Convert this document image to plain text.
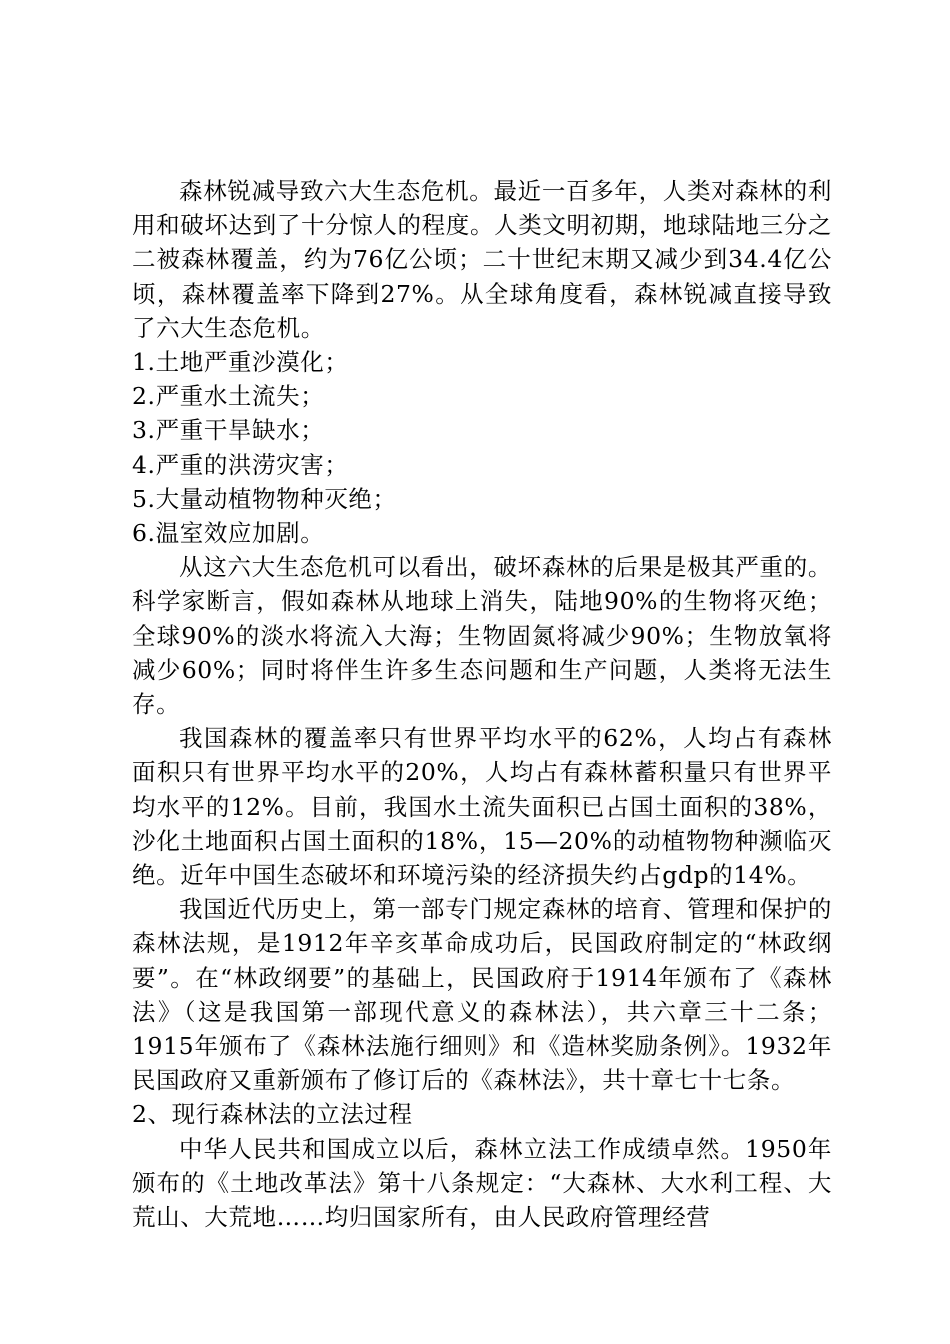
森林锐减导致六大生态危机。最近一百多年，人类对森林的利用和破坏达到了十分惊人的程度。人类文明初期，地球陆地三分之二被森林覆盖，约为76亿公顷；二十世纪末期又减少到34.4亿公顷，森林覆盖率下降到27%。从全球角度看，森林锐减直接导致了六大生态危机。

1.土地严重沙漠化；

2.严重水土流失；

3.严重干旱缺水；

4.严重的洪涝灾害；

5.大量动植物物种灭绝；

6.温室效应加剧。

从这六大生态危机可以看出，破坏森林的后果是极其严重的。科学家断言，假如森林从地球上消失，陆地90%的生物将灭绝；全球90%的淡水将流入大海；生物固氮将减少90%；生物放氧将减少60%；同时将伴生许多生态问题和生产问题，人类将无法生存。

我国森林的覆盖率只有世界平均水平的62%，人均占有森林面积只有世界平均水平的20%，人均占有森林蓄积量只有世界平均水平的12%。目前，我国水土流失面积已占国土面积的38%，沙化土地面积占国土面积的18%，15—20%的动植物物种濒临灭绝。近年中国生态破坏和环境污染的经济损失约占gdp的14%。

我国近代历史上，第一部专门规定森林的培育、管理和保护的森林法规，是1912年辛亥革命成功后，民国政府制定的“林政纲要”。在“林政纲要”的基础上，民国政府于1914年颁布了《森林法》（这是我国第一部现代意义的森林法），共六章三十二条；1915年颁布了《森林法施行细则》和《造林奖励条例》。1932年民国政府又重新颁布了修订后的《森林法》，共十章七十七条。

2、现行森林法的立法过程

中华人民共和国成立以后，森林立法工作成绩卓然。1950年颁布的《土地改革法》第十八条规定：“大森林、大水利工程、大荒山、大荒地……均归国家所有，由人民政府管理经营
